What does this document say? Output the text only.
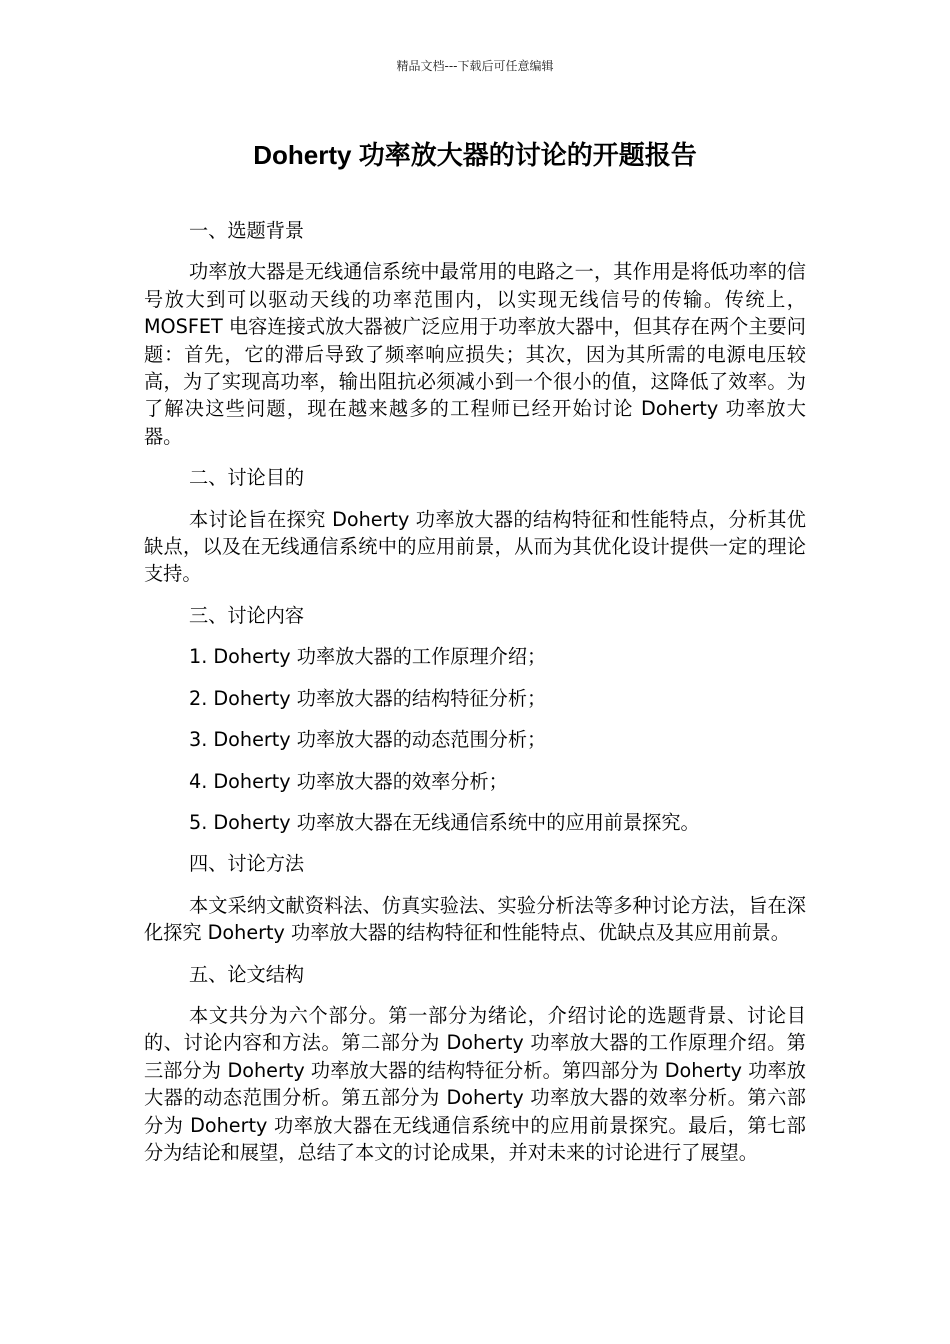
精品文档---下载后可任意编辑
Doherty 功率放大器的讨论的开题报告

一、选题背景

功率放大器是无线通信系统中最常用的电路之一，其作用是将低功率的信号放大到可以驱动天线的功率范围内，以实现无线信号的传输。传统上，MOSFET 电容连接式放大器被广泛应用于功率放大器中，但其存在两个主要问题：首先，它的滞后导致了频率响应损失；其次，因为其所需的电源电压较高，为了实现高功率，输出阻抗必须减小到一个很小的值，这降低了效率。为了解决这些问题，现在越来越多的工程师已经开始讨论 Doherty 功率放大器。

二、讨论目的

本讨论旨在探究 Doherty 功率放大器的结构特征和性能特点，分析其优缺点，以及在无线通信系统中的应用前景，从而为其优化设计提供一定的理论支持。

三、讨论内容

1. Doherty 功率放大器的工作原理介绍；

2. Doherty 功率放大器的结构特征分析；

3. Doherty 功率放大器的动态范围分析；

4. Doherty 功率放大器的效率分析；

5. Doherty 功率放大器在无线通信系统中的应用前景探究。

四、讨论方法

本文采纳文献资料法、仿真实验法、实验分析法等多种讨论方法，旨在深化探究 Doherty 功率放大器的结构特征和性能特点、优缺点及其应用前景。

五、论文结构

本文共分为六个部分。第一部分为绪论，介绍讨论的选题背景、讨论目的、讨论内容和方法。第二部分为 Doherty 功率放大器的工作原理介绍。第三部分为 Doherty 功率放大器的结构特征分析。第四部分为 Doherty 功率放大器的动态范围分析。第五部分为 Doherty 功率放大器的效率分析。第六部分为 Doherty 功率放大器在无线通信系统中的应用前景探究。最后，第七部分为结论和展望，总结了本文的讨论成果，并对未来的讨论进行了展望。
